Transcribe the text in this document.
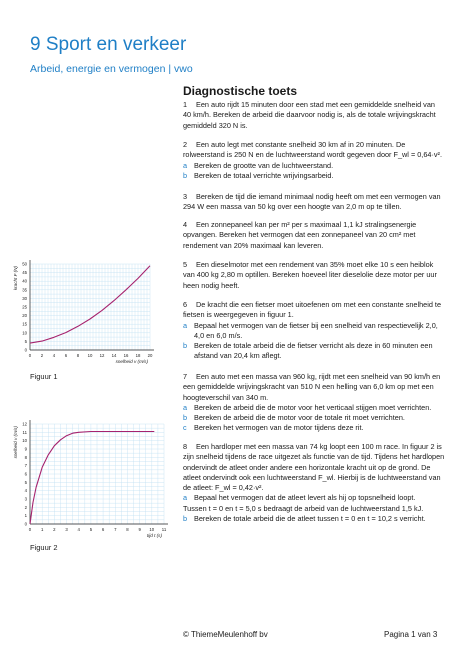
9 Sport en verkeer
Arbeid, energie en vermogen | vwo
Diagnostische toets

1 Een auto rijdt 15 minuten door een stad met een gemiddelde snelheid van 40 km/h. Bereken de arbeid die daarvoor nodig is, als de totale wrijvingskracht gemiddeld 320 N is.

2 Een auto legt met constante snelheid 30 km af in 20 minuten. De rolweerstand is 250 N en de luchtweerstand wordt gegeven door F_wl = 0,64·v².

a Bereken de grootte van de luchtweerstand.
b Bereken de totaal verrichte wrijvingsarbeid.

3 Bereken de tijd die iemand minimaal nodig heeft om met een vermogen van 294 W een massa van 50 kg over een hoogte van 2,0 m op te tillen.

4 Een zonnepaneel kan per m² per s maximaal 1,1 kJ stralingsenergie opvangen. Bereken het vermogen dat een zonnepaneel van 20 cm² met rendement van 20% maximaal kan leveren.

5 Een dieselmotor met een rendement van 35% moet elke 10 s een heiblok van 400 kg 2,80 m optillen. Bereken hoeveel liter dieselolie deze motor per uur heen nodig heeft.

6 De kracht die een fietser moet uitoefenen om met een constante snelheid te fietsen is weergegeven in figuur 1.

a Bepaal het vermogen van de fietser bij een snelheid van respectievelijk 2,0, 4,0 en 6,0 m/s.
b Bereken de totale arbeid die de fietser verricht als deze in 60 minuten een afstand van 20,4 km aflegt.

7 Een auto met een massa van 960 kg, rijdt met een snelheid van 90 km/h en een gemiddelde wrijvingskracht van 510 N een helling van 6,0 km op met een hoogteverschil van 340 m.

a Bereken de arbeid die de motor voor het verticaal stijgen moet verrichten.
b Bereken de arbeid die de motor voor de totale rit moet verrichten.
c	Bereken het vermogen van de motor tijdens deze rit.

8 Een hardloper met een massa van 74 kg loopt een 100 m race. In figuur 2 is zijn snelheid tijdens de race uitgezet als functie van de tijd. Tijdens het hardlopen ondervindt de atleet onder andere een horizontale kracht uit op de grond. De atleet ondervindt ook een luchtweerstand F_wl. Hierbij is de luchtweerstand van de atleet: F_wl = 0,42·v².

a Bepaal het vermogen dat de atleet levert als hij op topsnelheid loopt.

Tussen t = 0 en t = 5,0 s bedraagt de arbeid van de luchtweerstand 1,5 kJ.

b Bereken de totale arbeid die de atleet tussen t = 0 en t = 10,2 s verricht.
0 2 4 6 8 10 12 14 16 18 20
0
5
10
15
20
25
30
35
40
45
50
snelheid v (m/s)
kracht F (N)
Figuur 1
0 1 2 3 4 5 6 7 8 9 10 11
0
1
2
3
4
5
6
7
8
9
10
11
12
tijd t (s)
snelheid v (m/s)
Figuur 2
© ThiemeMeulenhoff bv	Pagina 1 van 3
